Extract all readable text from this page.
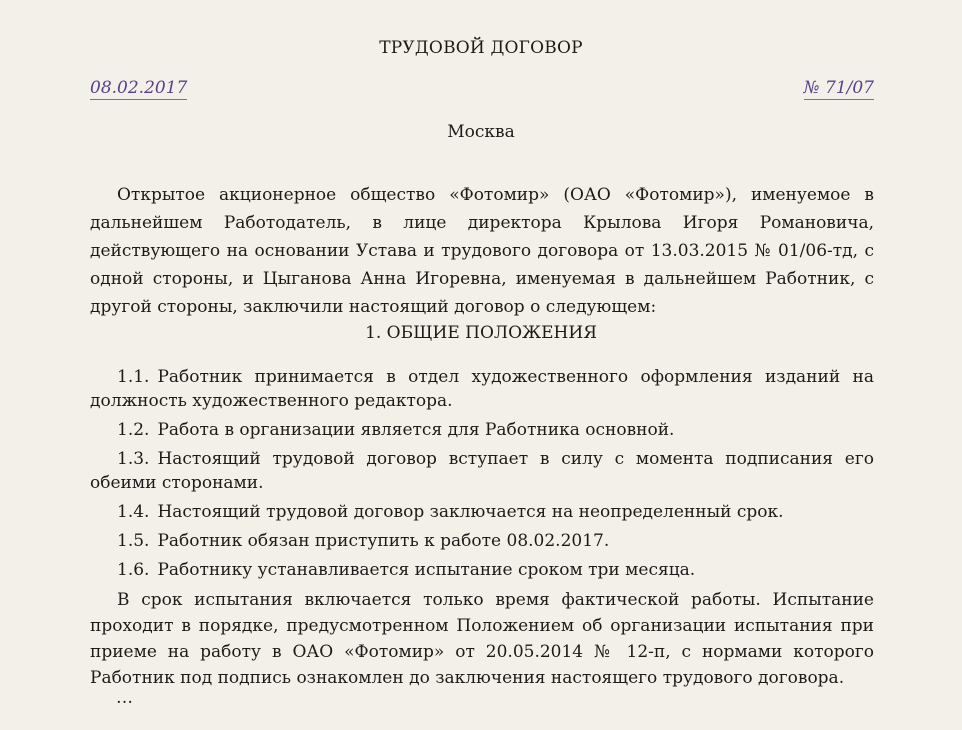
ТРУДОВОЙ ДОГОВОР
08.02.2017	№ 71/07
Москва

Открытое акционерное общество «Фотомир» (ОАО «Фотомир»), именуемое в дальнейшем Работодатель, в лице директора Крылова Игоря Романовича, действующего на основании Устава и трудового договора от 13.03.2015 № 01/06-тд, с одной стороны, и Цыганова Анна Игоревна, именуемая в дальнейшем Работник, с другой стороны, заключили настоящий договор о следующем:

1. ОБЩИЕ ПОЛОЖЕНИЯ
1.1. Работник принимается в отдел художественного оформления изданий на должность художественного редактора.
1.2. Работа в организации является для Работника основной.
1.3. Настоящий трудовой договор вступает в силу с момента подписания его обеими сторонами.
1.4. Настоящий трудовой договор заключается на неопределенный срок.
1.5. Работник обязан приступить к работе 08.02.2017.
1.6. Работнику устанавливается испытание сроком три месяца.
В срок испытания включается только время фактической работы. Испытание проходит в порядке, предусмотренном Положением об организации испытания при приеме на работу в ОАО «Фотомир» от 20.05.2014 № 12-п, с нормами которого Работник под подпись ознакомлен до заключения настоящего трудового договора.
…
